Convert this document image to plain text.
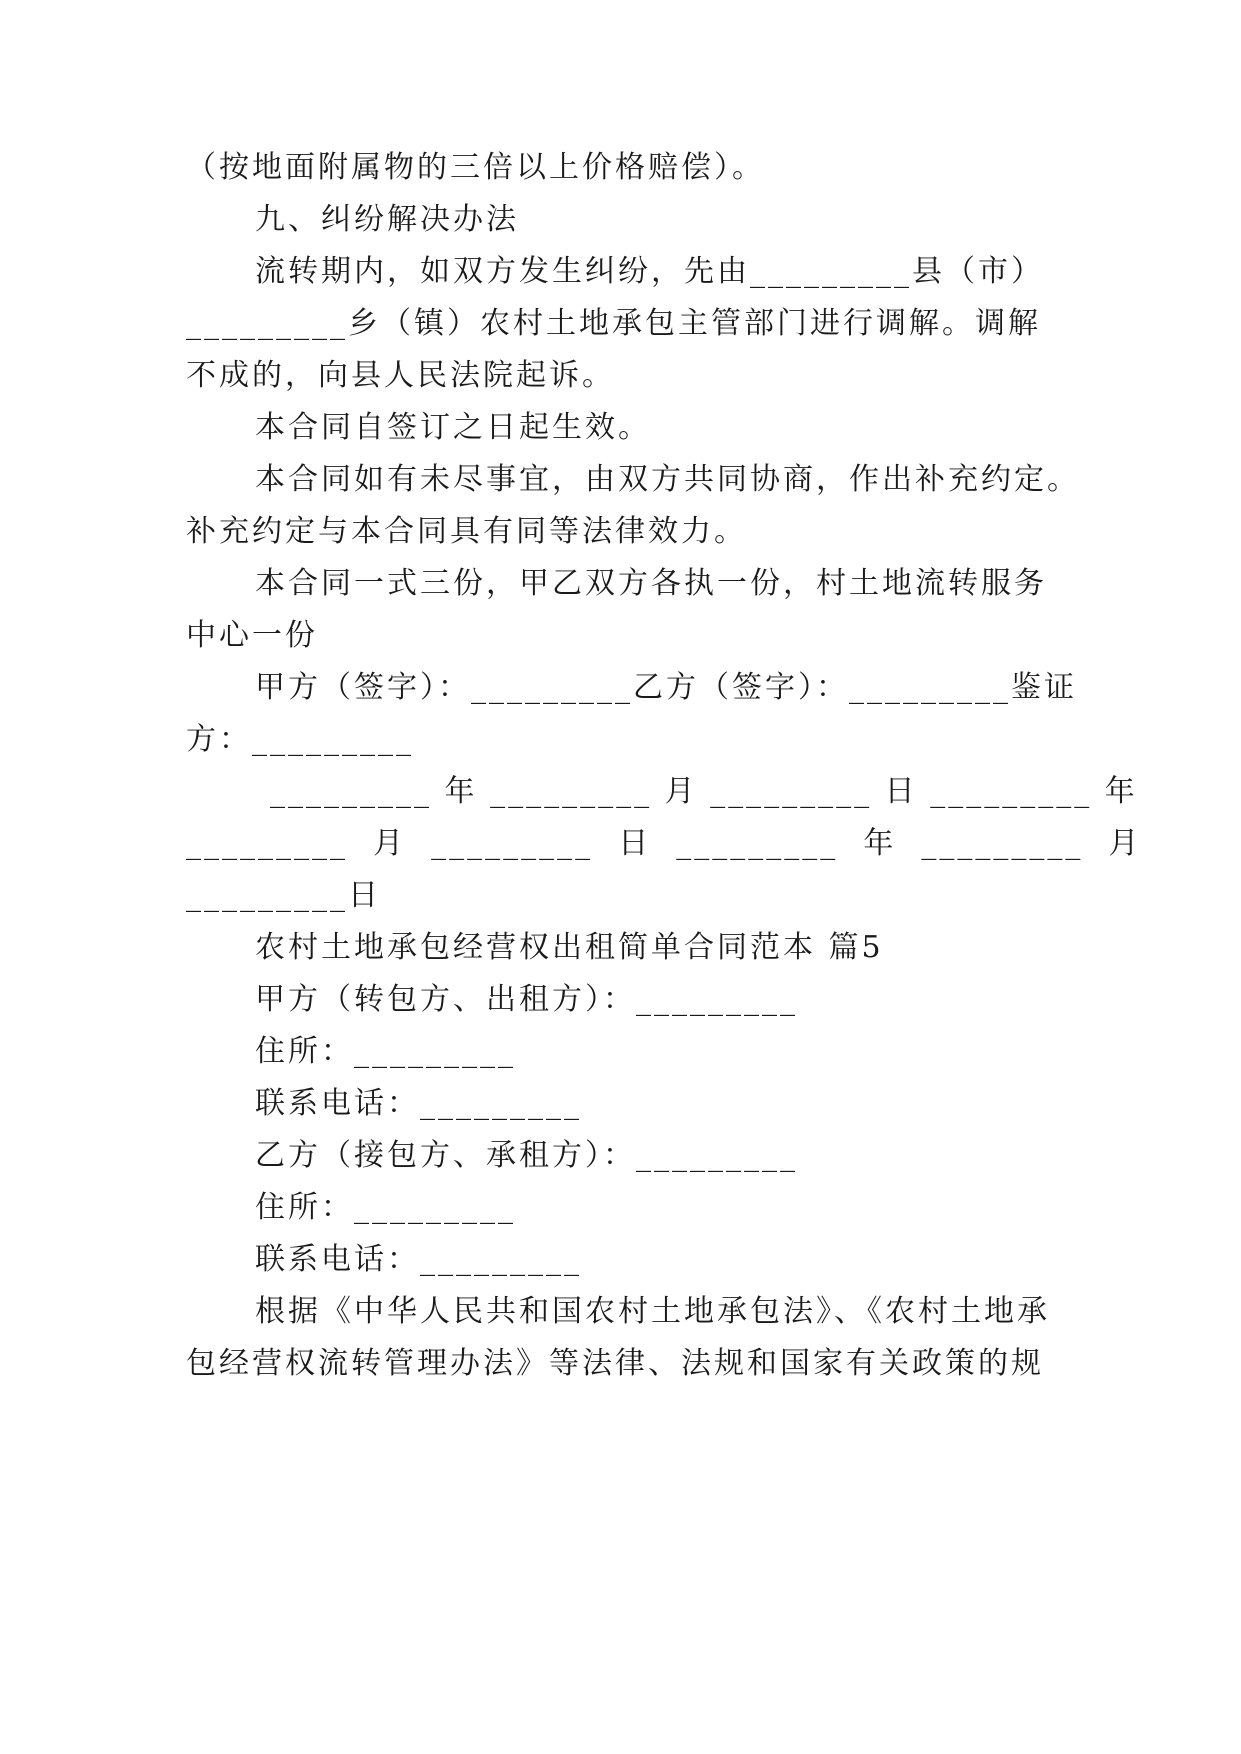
（按地面附属物的三倍以上价格赔偿）。
九、纠纷解决办法
流转期内，如双方发生纠纷，先由_________县（市）
_________乡（镇）农村土地承包主管部门进行调解。调解
不成的，向县人民法院起诉。
本合同自签订之日起生效。
本合同如有未尽事宜，由双方共同协商，作出补充约定。
补充约定与本合同具有同等法律效力。
本合同一式三份，甲乙双方各执一份，村土地流转服务
中心一份
甲方（签字）：_________乙方（签字）：_________鉴证
方：_________
_________ 年 _________ 月 _________ 日 _________ 年
_________  月  _________  日  _________  年  _________  月
_________日
农村土地承包经营权出租简单合同范本 篇5
甲方（转包方、出租方）：_________
住所：_________
联系电话：_________
乙方（接包方、承租方）：_________
住所：_________
联系电话：_________
根据《中华人民共和国农村土地承包法》、《农村土地承
包经营权流转管理办法》等法律、法规和国家有关政策的规
